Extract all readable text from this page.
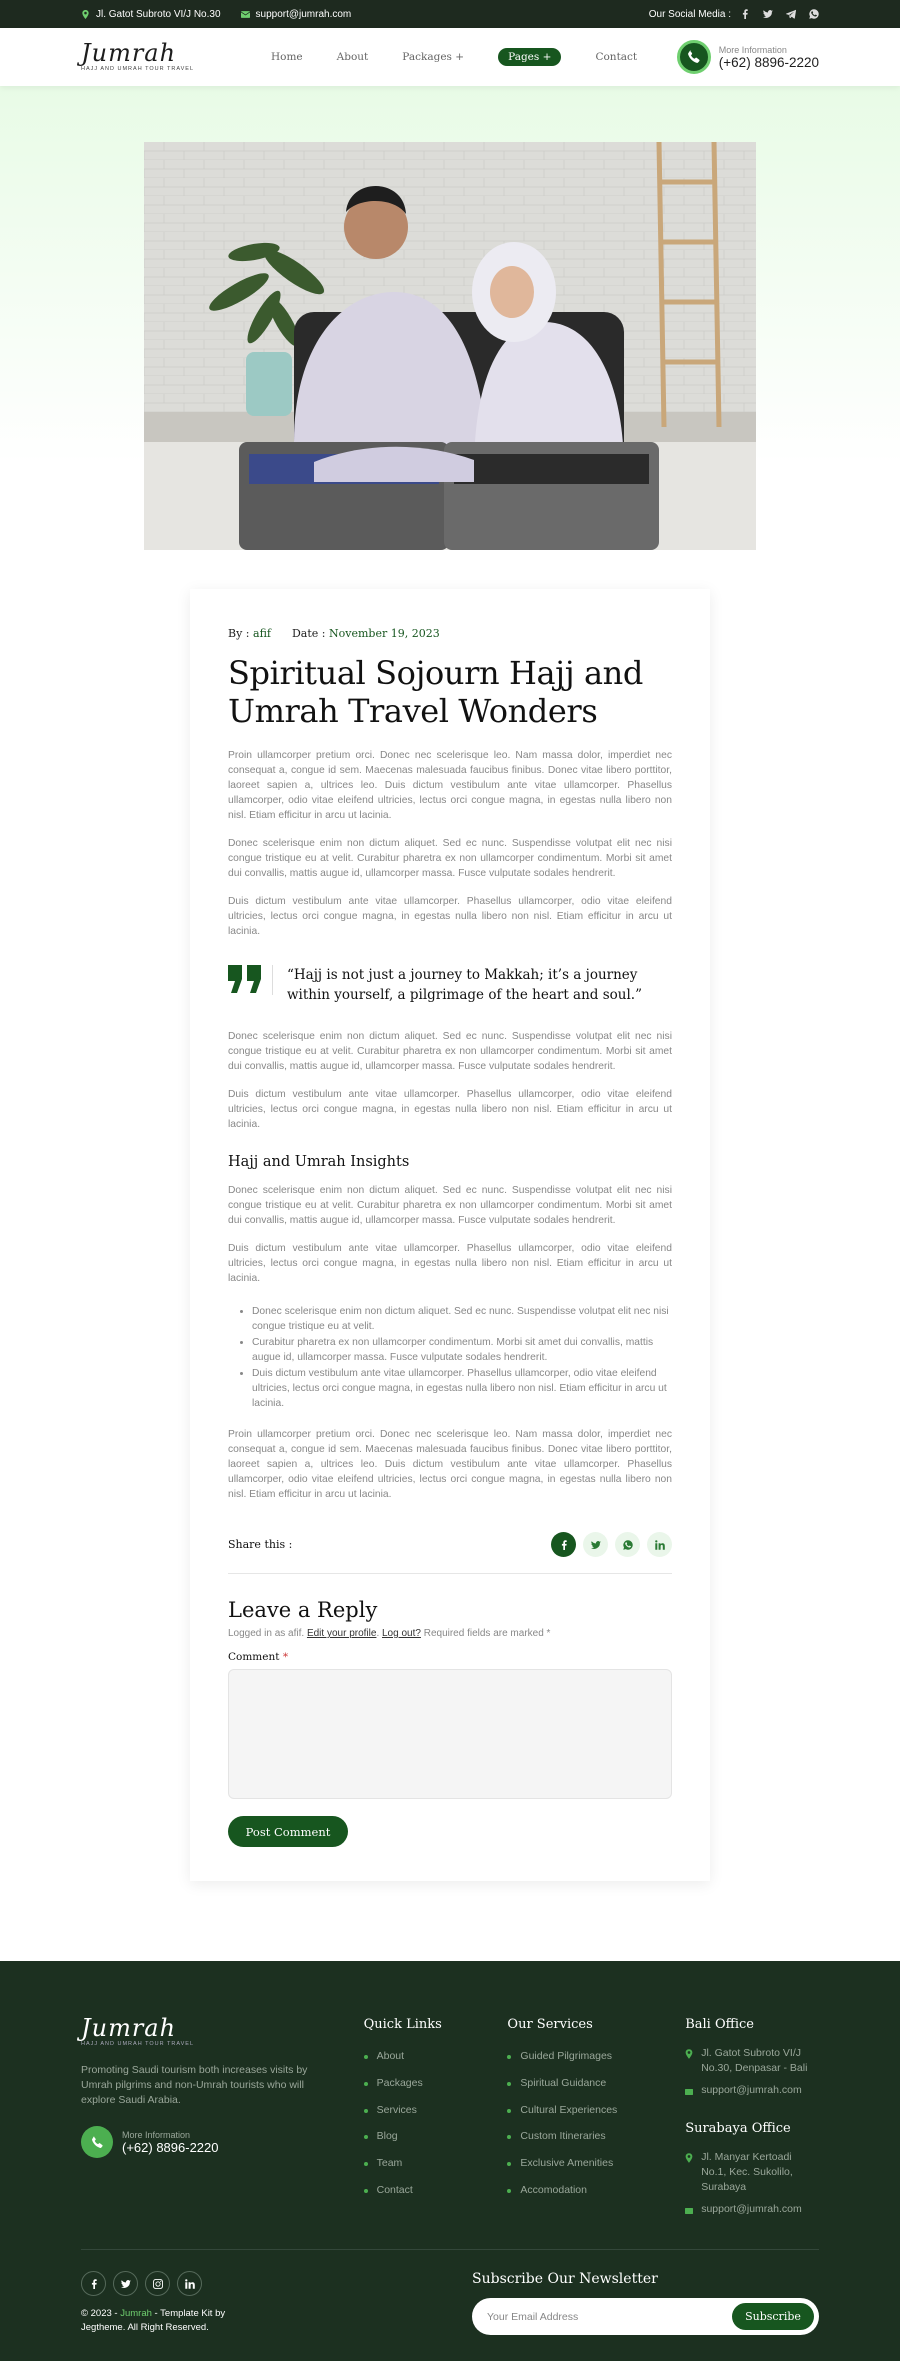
Jl. Gatot Subroto VI/J No.30	support@jumrah.com	Our Social Media :
Jumrah
HAJJ AND UMRAH TOUR TRAVEL
Home	About	Packages +	Pages +	Contact
More Information
(+62) 8896-2220
By : afif Date : November 19, 2023
Spiritual Sojourn Hajj and Umrah Travel Wonders

Proin ullamcorper pretium orci. Donec nec scelerisque leo. Nam massa dolor, imperdiet nec consequat a, congue id sem. Maecenas malesuada faucibus finibus. Donec vitae libero porttitor, laoreet sapien a, ultrices leo. Duis dictum vestibulum ante vitae ullamcorper. Phasellus ullamcorper, odio vitae eleifend ultricies, lectus orci congue magna, in egestas nulla libero non nisl. Etiam efficitur in arcu ut lacinia.

Donec scelerisque enim non dictum aliquet. Sed ec nunc. Suspendisse volutpat elit nec nisi congue tristique eu at velit. Curabitur pharetra ex non ullamcorper condimentum. Morbi sit amet dui convallis, mattis augue id, ullamcorper massa. Fusce vulputate sodales hendrerit.

Duis dictum vestibulum ante vitae ullamcorper. Phasellus ullamcorper, odio vitae eleifend ultricies, lectus orci congue magna, in egestas nulla libero non nisl. Etiam efficitur in arcu ut lacinia.

“Hajj is not just a journey to Makkah; it’s a journey within yourself, a pilgrimage of the heart and soul.”

Donec scelerisque enim non dictum aliquet. Sed ec nunc. Suspendisse volutpat elit nec nisi congue tristique eu at velit. Curabitur pharetra ex non ullamcorper condimentum. Morbi sit amet dui convallis, mattis augue id, ullamcorper massa. Fusce vulputate sodales hendrerit.

Duis dictum vestibulum ante vitae ullamcorper. Phasellus ullamcorper, odio vitae eleifend ultricies, lectus orci congue magna, in egestas nulla libero non nisl. Etiam efficitur in arcu ut lacinia.

Hajj and Umrah Insights

Donec scelerisque enim non dictum aliquet. Sed ec nunc. Suspendisse volutpat elit nec nisi congue tristique eu at velit. Curabitur pharetra ex non ullamcorper condimentum. Morbi sit amet dui convallis, mattis augue id, ullamcorper massa. Fusce vulputate sodales hendrerit.

Duis dictum vestibulum ante vitae ullamcorper. Phasellus ullamcorper, odio vitae eleifend ultricies, lectus orci congue magna, in egestas nulla libero non nisl. Etiam efficitur in arcu ut lacinia.

• Donec scelerisque enim non dictum aliquet. Sed ec nunc. Suspendisse volutpat elit nec nisi congue tristique eu at velit.
• Curabitur pharetra ex non ullamcorper condimentum. Morbi sit amet dui convallis, mattis augue id, ullamcorper massa. Fusce vulputate sodales hendrerit.
• Duis dictum vestibulum ante vitae ullamcorper. Phasellus ullamcorper, odio vitae eleifend ultricies, lectus orci congue magna, in egestas nulla libero non nisl. Etiam efficitur in arcu ut lacinia.

Proin ullamcorper pretium orci. Donec nec scelerisque leo. Nam massa dolor, imperdiet nec consequat a, congue id sem. Maecenas malesuada faucibus finibus. Donec vitae libero porttitor, laoreet sapien a, ultrices leo. Duis dictum vestibulum ante vitae ullamcorper. Phasellus ullamcorper, odio vitae eleifend ultricies, lectus orci congue magna, in egestas nulla libero non nisl. Etiam efficitur in arcu ut lacinia.

Share this :
Leave a Reply

Logged in as afif. Edit your profile. Log out? Required fields are marked *

Comment *
Post Comment
Jumrah
HAJJ AND UMRAH TOUR TRAVEL

Promoting Saudi tourism both increases visits by Umrah pilgrims and non-Umrah tourists who will explore Saudi Arabia.

More Information
(+62) 8896-2220
Quick Links
About
Packages
Services
Blog
Team
Contact
Our Services
Guided Pilgrimages
Spiritual Guidance
Cultural Experiences
Custom Itineraries
Exclusive Amenities
Accomodation
Bali Office
Jl. Gatot Subroto VI/J No.30, Denpasar - Bali
support@jumrah.com
Surabaya Office
Jl. Manyar Kertoadi No.1, Kec. Sukolilo, Surabaya
support@jumrah.com
© 2023 - Jumrah - Template Kit by
Jegtheme. All Right Reserved.
Subscribe Our Newsletter
Your Email Address
Subscribe
